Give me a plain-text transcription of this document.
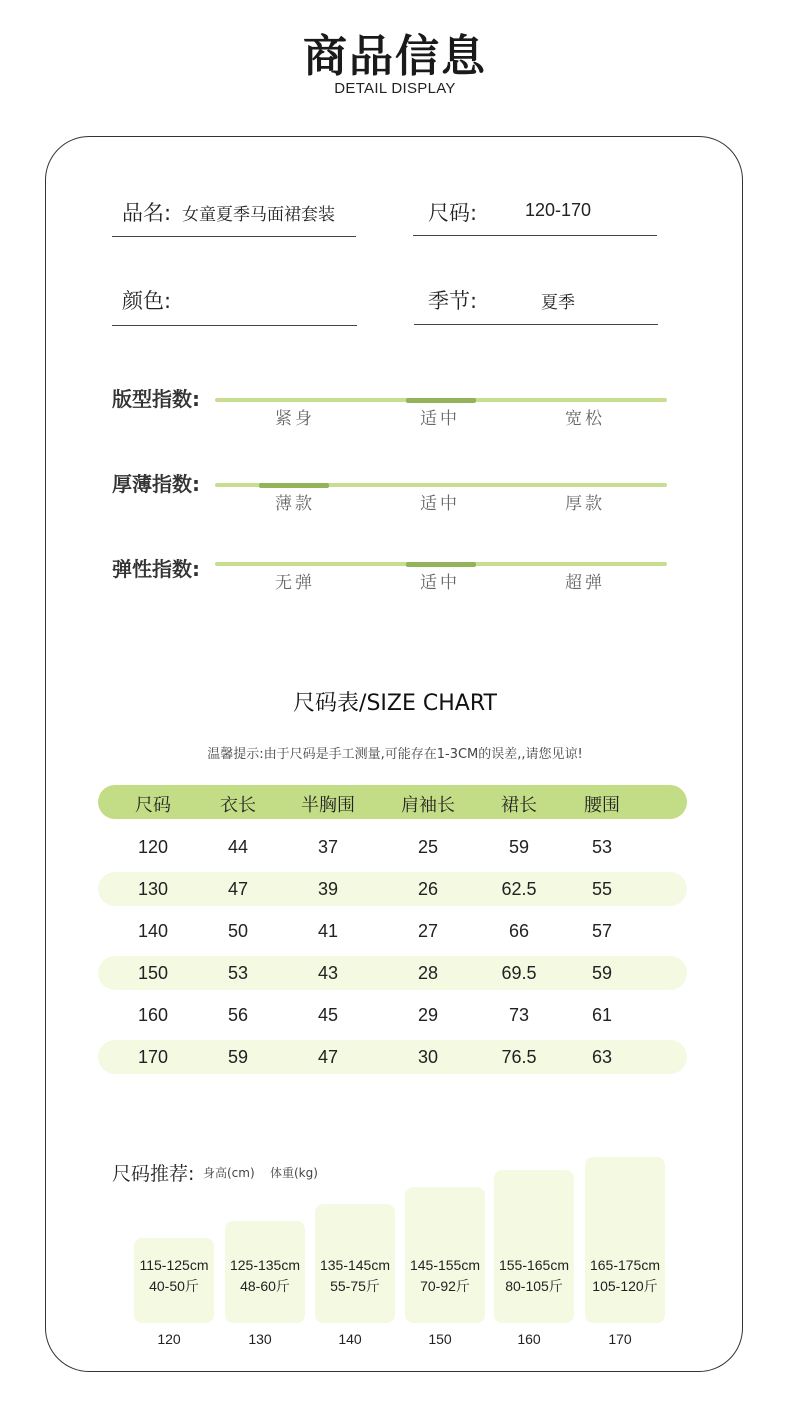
商品信息
DETAIL DISPLAY
品名: 女童夏季马面裙套装	尺码:	120-170
颜色:	季节:	夏季
版型指数:
紧身	适中	宽松
厚薄指数:
薄款	适中	厚款
弹性指数:
无弹	适中	超弹
尺码表/SIZE CHART
温馨提示:由于尺码是手工测量,可能存在1-3CM的误差,,请您见谅!
尺码	衣长	半胸围	肩袖长	裙长	腰围
120	44	37	25	59	53
130	47	39	26	62.5	55
140	50	41	27	66	57
150	53	43	28	69.5	59
160	56	45	29	73	61
170	59	47	30	76.5	63
尺码推荐: 身高(cm) 体重(kg)
115-125cm
40-50斤
120
125-135cm
48-60斤
130
135-145cm
55-75斤
140
145-155cm
70-92斤
150
155-165cm
80-105斤
160
165-175cm
105-120斤
170
